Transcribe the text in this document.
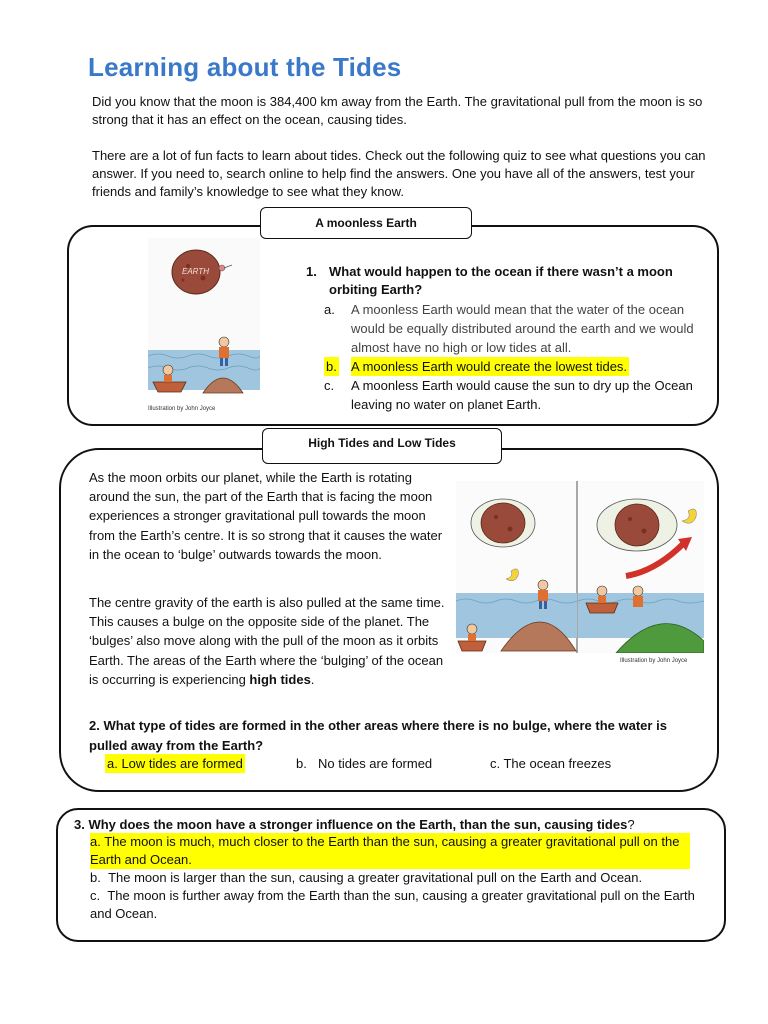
Learning about the Tides
Did you know that the moon is 384,400 km away from the Earth. The gravitational pull from the moon is so strong that it has an effect on the ocean, causing tides.
There are a lot of fun facts to learn about tides. Check out the following quiz to see what questions you can answer. If you need to, search online to help find the answers. One you have all of the answers, test your friends and family’s knowledge to see what they know.
A moonless Earth
Illustration by John Joyce
EARTH	1. What would happen to the ocean if there wasn’t a moon orbiting Earth?
a. A moonless Earth would mean that the water of the ocean would be equally distributed around the earth and we would almost have no high or low tides at all.
b. A moonless Earth would create the lowest tides.
c. A moonless Earth would cause the sun to dry up the Ocean leaving no water on planet Earth.
High Tides and Low Tides
As the moon orbits our planet, while the Earth is rotating around the sun, the part of the Earth that is facing the moon experiences a stronger gravitational pull towards the moon from the Earth’s centre. It is so strong that it causes the water in the ocean to ‘bulge’ outwards towards the moon.
The centre gravity of the earth is also pulled at the same time. This causes a bulge on the opposite side of the planet. The ‘bulges’ also move along with the pull of the moon as it orbits Earth. The areas of the Earth where the ‘bulging’ of the ocean is occurring is experiencing high tides.
Illustration by John Joyce
2. What type of tides are formed in the other areas where there is no bulge, where the water is pulled away from the Earth?
a. Low tides are formed	b. No tides are formed	c. The ocean freezes
3. Why does the moon have a stronger influence on the Earth, than the sun, causing tides?
a. The moon is much, much closer to the Earth than the sun, causing a greater gravitational pull on the Earth and Ocean.
b. The moon is larger than the sun, causing a greater gravitational pull on the Earth and Ocean.
c. The moon is further away from the Earth than the sun, causing a greater gravitational pull on the Earth and Ocean.
